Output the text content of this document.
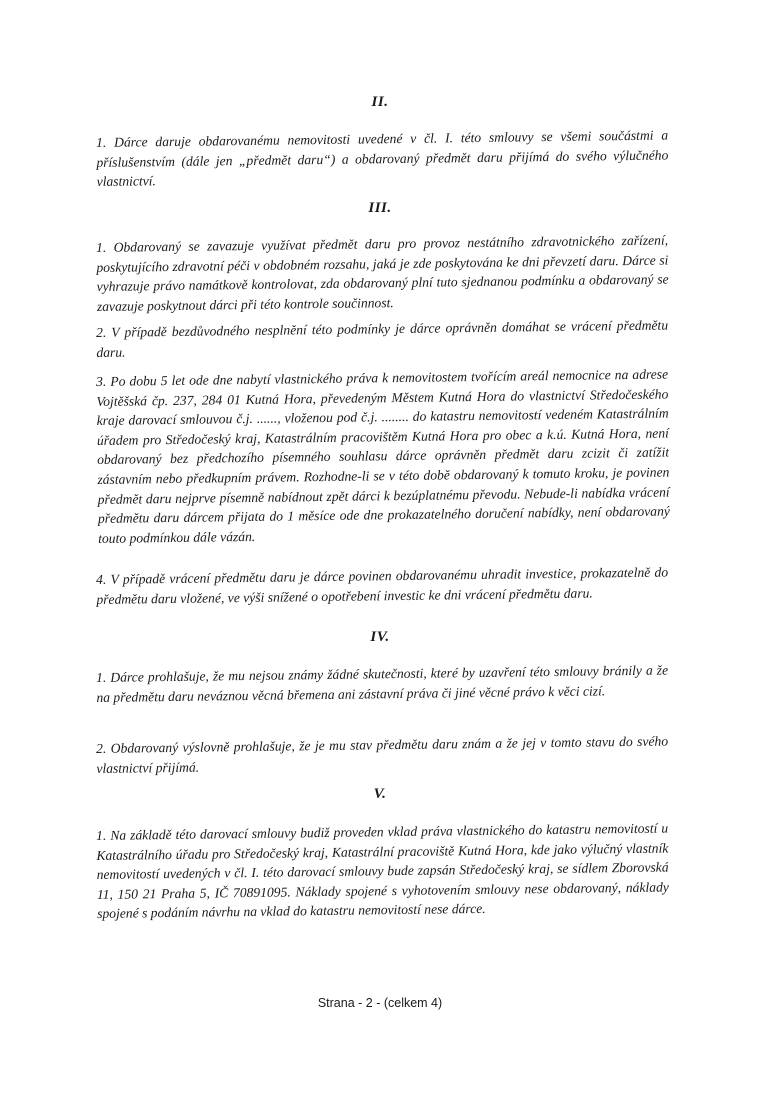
II.
1. Dárce daruje obdarovanému nemovitosti uvedené v čl. I. této smlouvy se všemi součástmi a příslušenstvím (dále jen „předmět daru“) a obdarovaný předmět daru přijímá do svého výlučného vlastnictví.
III.
1. Obdarovaný se zavazuje využívat předmět daru pro provoz nestátního zdravotnického zařízení, poskytujícího zdravotní péči v obdobném rozsahu, jaká je zde poskytována ke dni převzetí daru. Dárce si vyhrazuje právo namátkově kontrolovat, zda obdarovaný plní tuto sjednanou podmínku a obdarovaný se zavazuje poskytnout dárci při této kontrole součinnost.
2. V případě bezdůvodného nesplnění této podmínky je dárce oprávněn domáhat se vrácení předmětu daru.
3. Po dobu 5 let ode dne nabytí vlastnického práva k nemovitostem tvořícím areál nemocnice na adrese Vojtěšská čp. 237, 284 01 Kutná Hora, převedeným Městem Kutná Hora do vlastnictví Středočeského kraje darovací smlouvou č.j. ......, vloženou pod č.j. ........ do katastru nemovitostí vedeném Katastrálním úřadem pro Středočeský kraj, Katastrálním pracovištěm Kutná Hora pro obec a k.ú. Kutná Hora, není obdarovaný bez předchozího písemného souhlasu dárce oprávněn předmět daru zcizit či zatížit zástavním nebo předkupním právem. Rozhodne-li se v této době obdarovaný k tomuto kroku, je povinen předmět daru nejprve písemně nabídnout zpět dárci k bezúplatnému převodu. Nebude-li nabídka vrácení předmětu daru dárcem přijata do 1 měsíce ode dne prokazatelného doručení nabídky, není obdarovaný touto podmínkou dále vázán.
4. V případě vrácení předmětu daru je dárce povinen obdarovanému uhradit investice, prokazatelně do předmětu daru vložené, ve výši snížené o opotřebení investic ke dni vrácení předmětu daru.
IV.
1. Dárce prohlašuje, že mu nejsou známy žádné skutečnosti, které by uzavření této smlouvy bránily a že na předmětu daru neváznou věcná břemena ani zástavní práva či jiné věcné právo k věci cizí.
2. Obdarovaný výslovně prohlašuje, že je mu stav předmětu daru znám a že jej v tomto stavu do svého vlastnictví přijímá.
V.
1. Na základě této darovací smlouvy budiž proveden vklad práva vlastnického do katastru nemovitostí u Katastrálního úřadu pro Středočeský kraj, Katastrální pracoviště Kutná Hora, kde jako výlučný vlastník nemovitostí uvedených v čl. I. této darovací smlouvy bude zapsán Středočeský kraj, se sídlem Zborovská 11, 150 21 Praha 5, IČ 70891095. Náklady spojené s vyhotovením smlouvy nese obdarovaný, náklady spojené s podáním návrhu na vklad do katastru nemovitostí nese dárce.
Strana - 2 - (celkem 4)
